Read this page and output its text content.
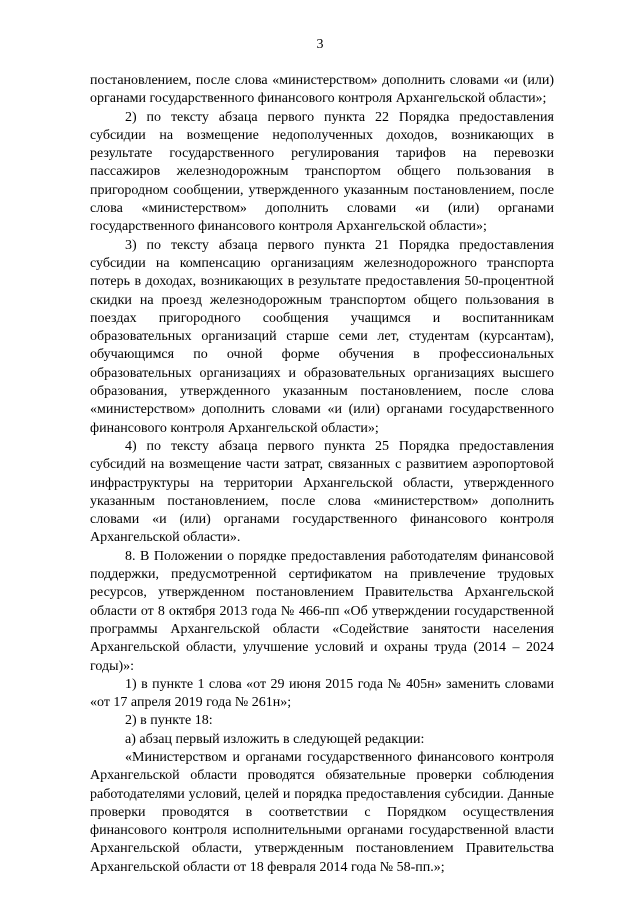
3

постановлением, после слова «министерством» дополнить словами «и (или) органами государственного финансового контроля Архангельской области»;

2) по тексту абзаца первого пункта 22 Порядка предоставления субсидии на возмещение недополученных доходов, возникающих в результате государственного регулирования тарифов на перевозки пассажиров железнодорожным транспортом общего пользования в пригородном сообщении, утвержденного указанным постановлением, после слова «министерством» дополнить словами «и (или) органами государственного финансового контроля Архангельской области»;

3) по тексту абзаца первого пункта 21 Порядка предоставления субсидии на компенсацию организациям железнодорожного транспорта потерь в доходах, возникающих в результате предоставления 50-процентной скидки на проезд железнодорожным транспортом общего пользования в поездах пригородного сообщения учащимся и воспитанникам образовательных организаций старше семи лет, студентам (курсантам), обучающимся по очной форме обучения в профессиональных образовательных организациях и образовательных организациях высшего образования, утвержденного указанным постановлением, после слова «министерством» дополнить словами «и (или) органами государственного финансового контроля Архангельской области»;

4) по тексту абзаца первого пункта 25 Порядка предоставления субсидий на возмещение части затрат, связанных с развитием аэропортовой инфраструктуры на территории Архангельской области, утвержденного указанным постановлением, после слова «министерством» дополнить словами «и (или) органами государственного финансового контроля Архангельской области».

8. В Положении о порядке предоставления работодателям финансовой поддержки, предусмотренной сертификатом на привлечение трудовых ресурсов, утвержденном постановлением Правительства Архангельской области от 8 октября 2013 года № 466-пп «Об утверждении государственной программы Архангельской области «Содействие занятости населения Архангельской области, улучшение условий и охраны труда (2014 – 2024 годы)»:

1) в пункте 1 слова «от 29 июня 2015 года № 405н» заменить словами «от 17 апреля 2019 года № 261н»;

2) в пункте 18:

а) абзац первый изложить в следующей редакции:

«Министерством и органами государственного финансового контроля Архангельской области проводятся обязательные проверки соблюдения работодателями условий, целей и порядка предоставления субсидии. Данные проверки проводятся в соответствии с Порядком осуществления финансового контроля исполнительными органами государственной власти Архангельской области, утвержденным постановлением Правительства Архангельской области от 18 февраля 2014 года № 58-пп.»;
